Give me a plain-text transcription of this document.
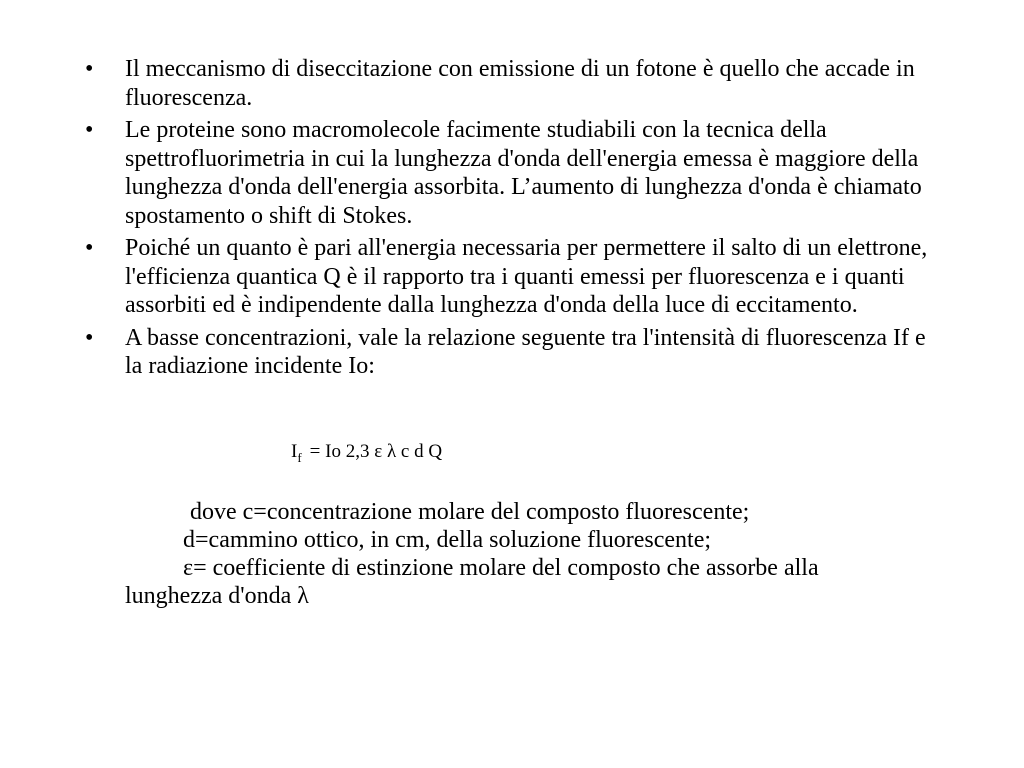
•	Il meccanismo di diseccitazione con emissione di un fotone è quello che accade in fluorescenza.
•	Le proteine sono macromolecole facimente studiabili con la tecnica della spettrofluorimetria in cui la lunghezza d'onda dell'energia emessa è maggiore della lunghezza d'onda dell'energia assorbita. L’aumento di lunghezza d'onda è chiamato spostamento o shift di Stokes.
•	Poiché un quanto è pari all'energia necessaria per permettere il salto di un elettrone, l'efficienza quantica Q è il rapporto tra i quanti emessi per fluorescenza e i quanti assorbiti ed è indipendente dalla lunghezza d'onda della luce di eccitamento.
•	A basse concentrazioni, vale la relazione seguente tra l'intensità di fluorescenza If e la radiazione incidente Io:
$I_f = Io$ 2,3 ε λ c d Q
dove c=concentrazione molare del composto fluorescente;
d=cammino ottico, in cm, della soluzione fluorescente;
ε= coefficiente di estinzione molare del composto che assorbe alla
lunghezza d'onda λ
